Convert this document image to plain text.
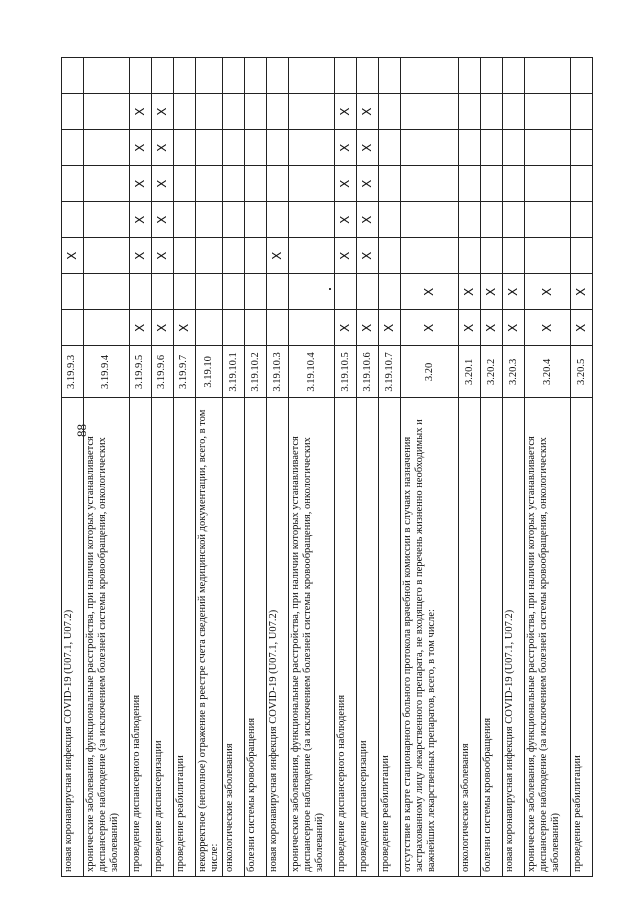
88
новая коронавирусная инфекция COVID-19 (U07.1, U07.2)	3.19.9.3			X					
хронические заболевания, функциональные расстройства, при наличии которых устанавливается диспансерное наблюдение (за исключением болезней системы кровообращения, онкологических заболеваний)	3.19.9.4								
проведение диспансерного наблюдения	3.19.9.5	X		X	X	X	X	X	
проведение диспансеризации	3.19.9.6	X		X	X	X	X	X	
проведение реабилитации	3.19.9.7	X							
некорректное (неполное) отражение в реестре счета сведений медицинской документации, всего, в том числе:	3.19.10								
онкологические заболевания	3.19.10.1								
болезни системы кровообращения	3.19.10.2								
новая коронавирусная инфекция COVID-19 (U07.1, U07.2)	3.19.10.3			X					
хронические заболевания, функциональные расстройства, при наличии которых устанавливается диспансерное наблюдение (за исключением болезней системы кровообращения, онкологических заболеваний)	3.19.10.4								
проведение диспансерного наблюдения	3.19.10.5	X		X	X	X	X	X	
проведение диспансеризации	3.19.10.6	X		X	X	X	X	X	
проведение реабилитации	3.19.10.7	X							
отсутствие в карте стационарного больного протокола врачебной комиссии в случаях назначения застрахованному лицу лекарственного препарата, не входящего в перечень жизненно необходимых и важнейших лекарственных препаратов, всего, в том числе:	3.20	X	X						
онкологические заболевания	3.20.1	X	X						
болезни системы кровообращения	3.20.2	X	X						
новая коронавирусная инфекция COVID-19 (U07.1, U07.2)	3.20.3	X	X						
хронические заболевания, функциональные расстройства, при наличии которых устанавливается диспансерное наблюдение (за исключением болезней системы кровообращения, онкологических заболеваний)	3.20.4	X	X						
проведение реабилитации	3.20.5	X	X						
